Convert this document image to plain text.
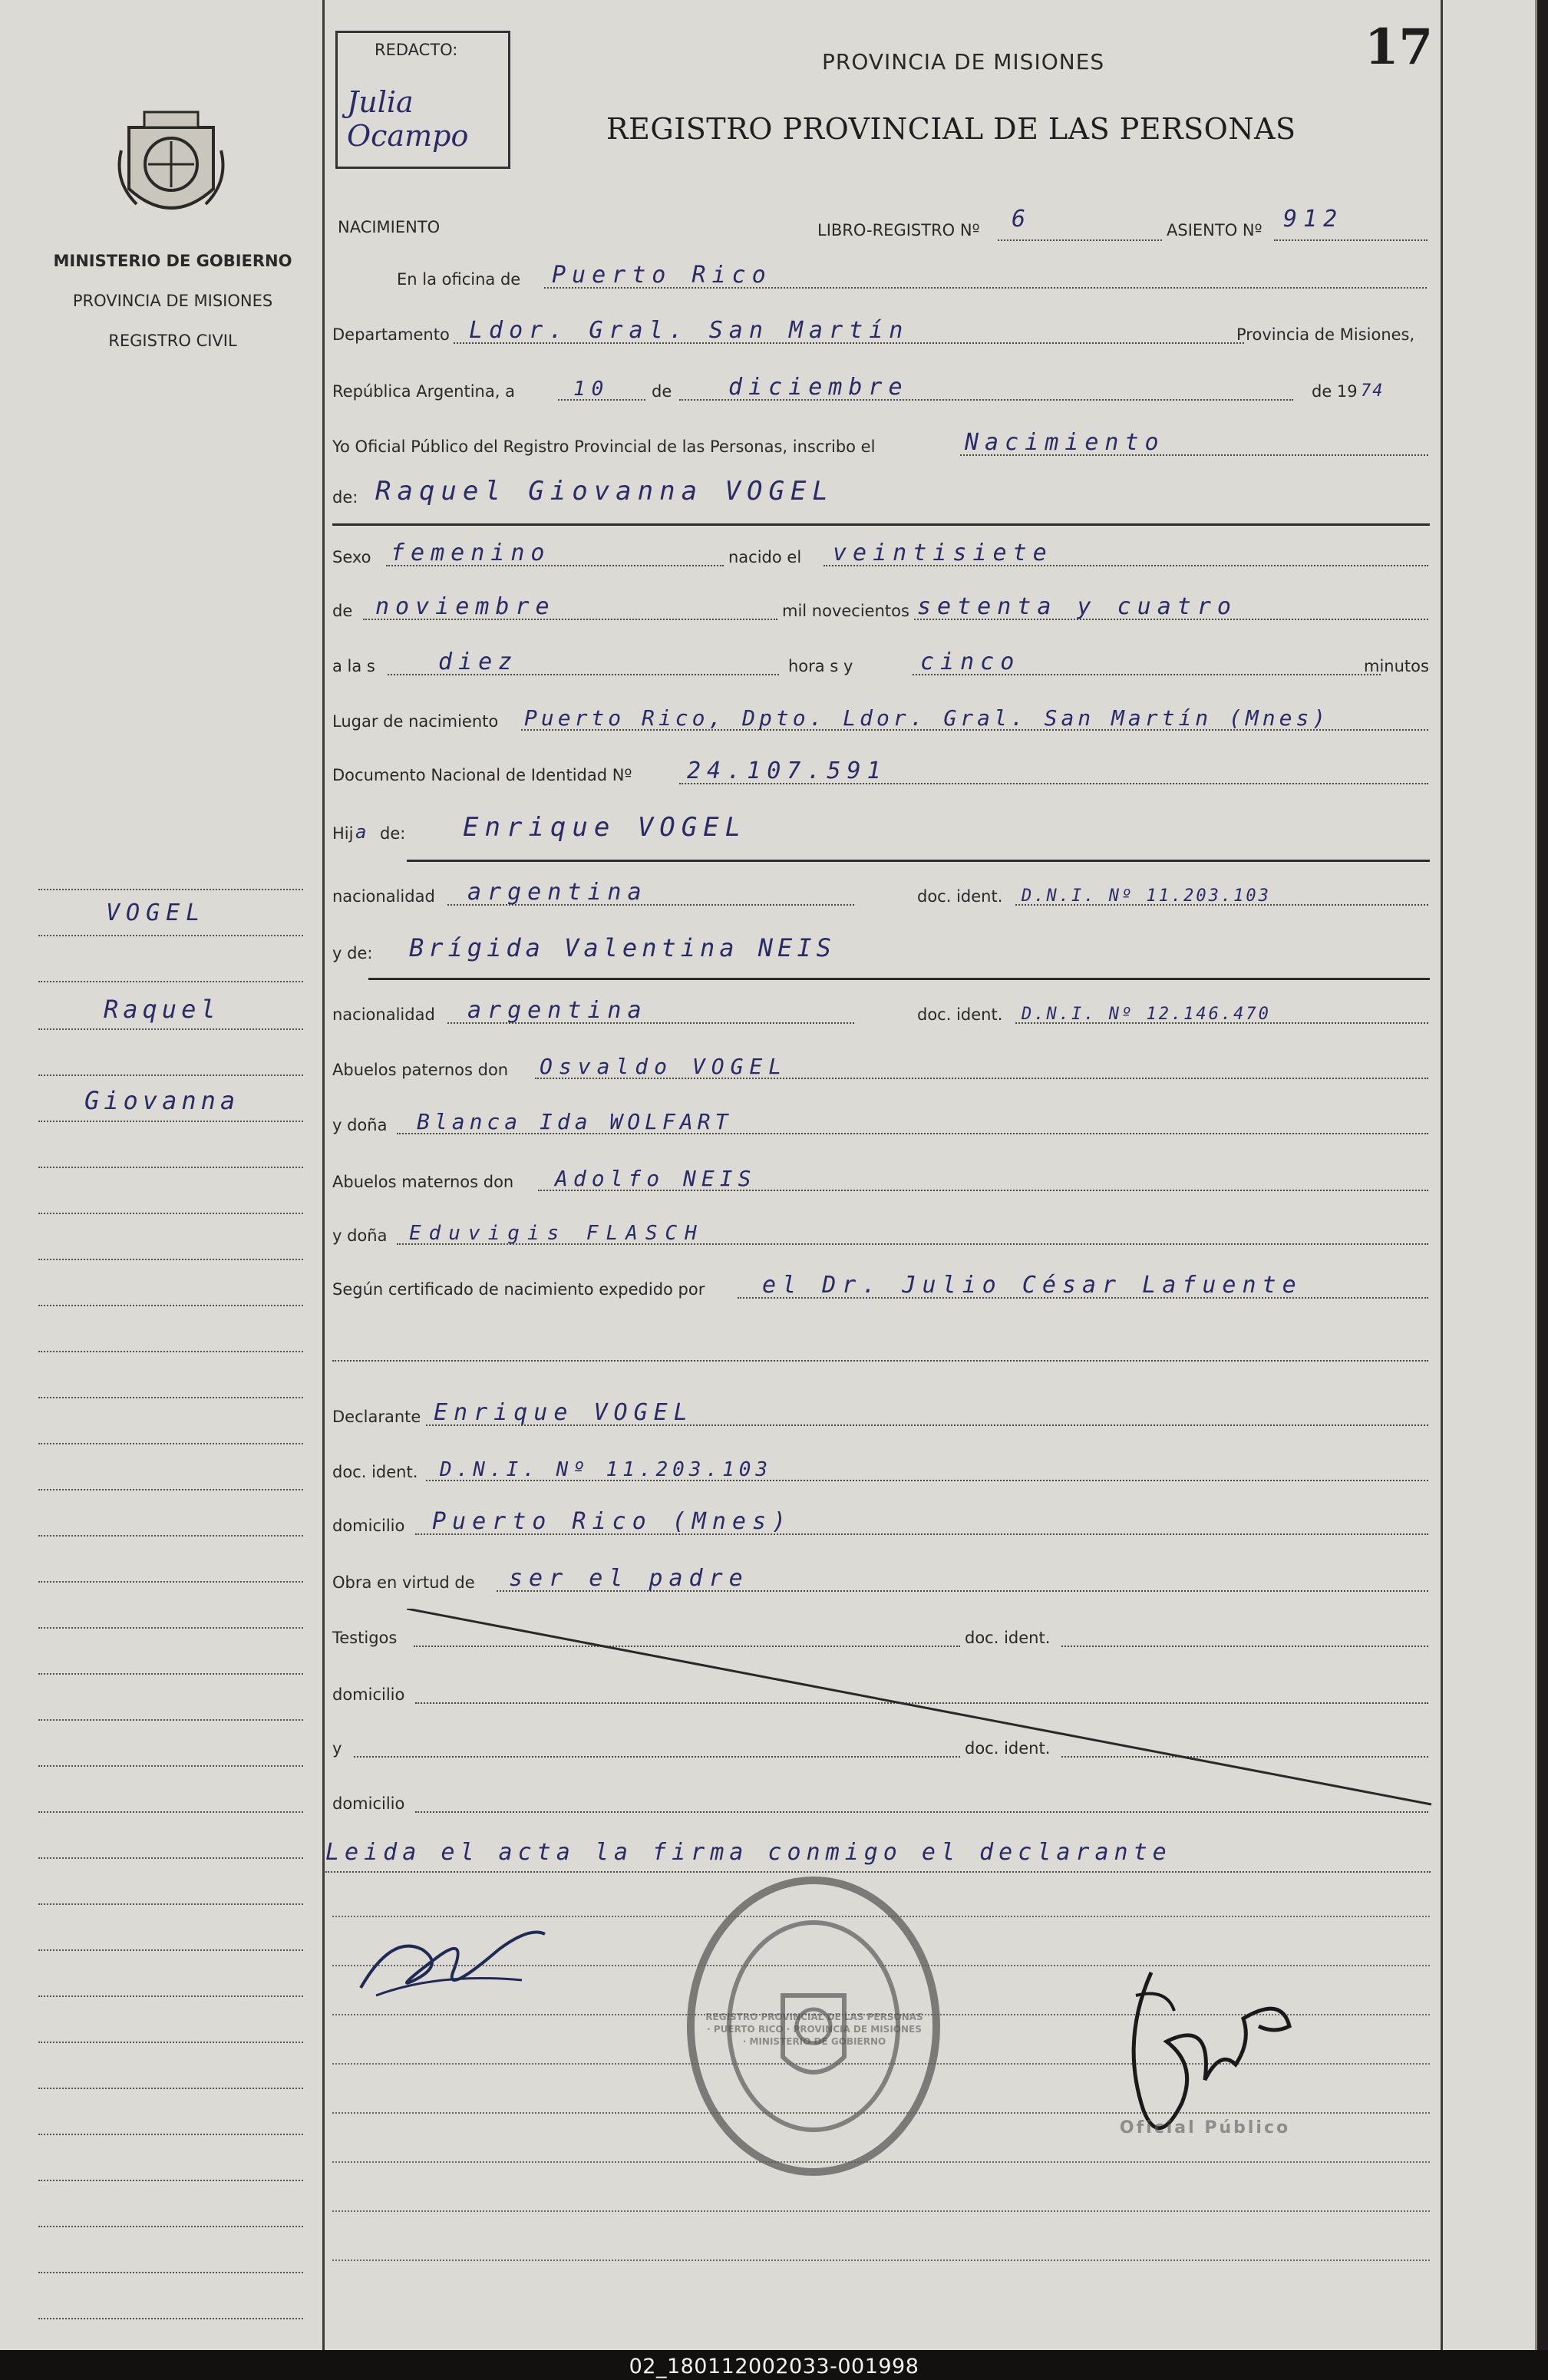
MINISTERIO DE GOBIERNO
PROVINCIA DE MISIONES
REGISTRO CIVIL
VOGEL
Raquel
Giovanna
REDACTO:
Julia Ocampo
17
PROVINCIA DE MISIONES
REGISTRO PROVINCIAL DE LAS PERSONAS
NACIMIENTO	LIBRO-REGISTRO Nº 6	ASIENTO Nº 912
En la oficina de Puerto Rico
Departamento Ldor. Gral. San Martín	Provincia de Misiones,
República Argentina, a	10	de diciembre	de 19 74
Yo Oficial Público del Registro Provincial de las Personas, inscribo el	Nacimiento
de: Raquel Giovanna VOGEL
Sexo femenino	nacido el veintisiete
de noviembre	mil novecientos setenta y cuatro
a la s	diez	hora s y	cinco	minutos
Lugar de nacimiento Puerto Rico, Dpto. Ldor. Gral. San Martín (Mnes)
Documento Nacional de Identidad Nº 24.107.591
Hij a de: Enrique VOGEL
nacionalidad argentina	doc. ident. D.N.I. Nº 11.203.103
y de: Brígida Valentina NEIS
nacionalidad argentina	doc. ident. D.N.I. Nº 12.146.470
Abuelos paternos don Osvaldo VOGEL
y doña Blanca Ida WOLFART
Abuelos maternos don Adolfo NEIS
y doña Eduvigis FLASCH
Según certificado de nacimiento expedido por el Dr. Julio César Lafuente
Declarante Enrique VOGEL
doc. ident. D.N.I. Nº 11.203.103
domicilio Puerto Rico (Mnes)
Obra en virtud de ser el padre
Testigos	doc. ident.
domicilio
y	doc. ident.
domicilio
Leida el acta la firma conmigo el declarante
REGISTRO PROVINCIAL DE LAS PERSONAS · PUERTO RICO · PROVINCIA DE MISIONES · MINISTERIO DE GOBIERNO
Oficial Público
02_180112002033-001998
